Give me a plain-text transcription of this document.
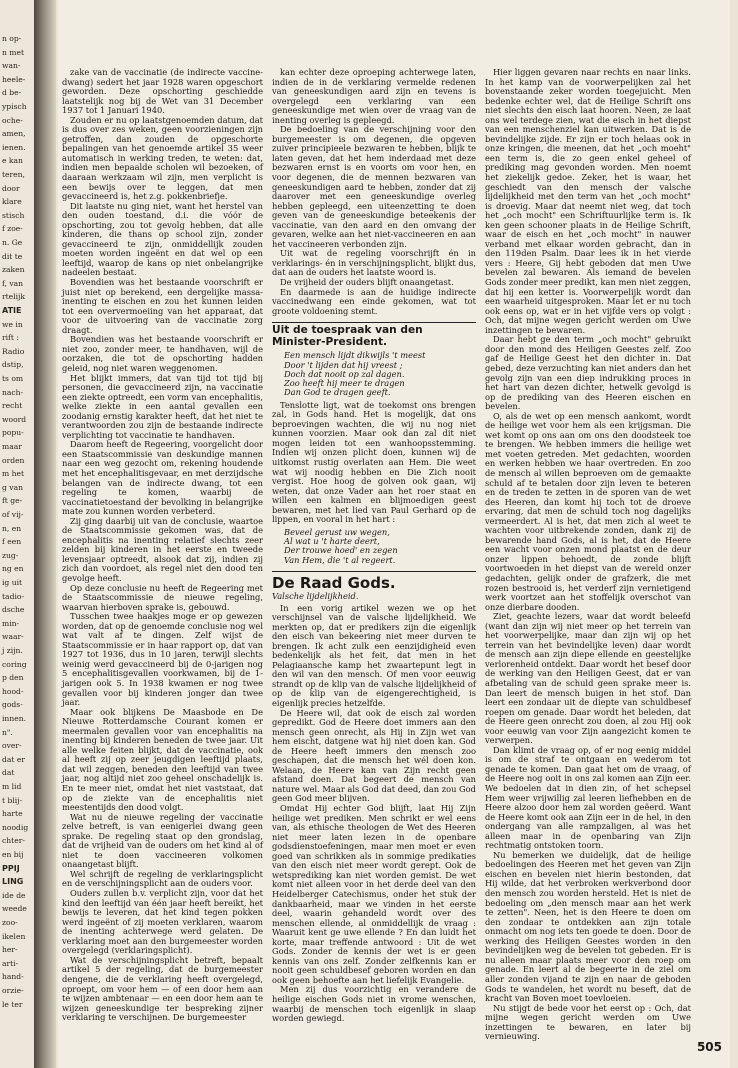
n op-
n met
wan-
heele-
d be-
ypisch
oche-
amen,
ienen.
e kan
teren,
door
klare
stisch
f zoe-
n. Ge
dit te
zaken
f, van
rtelijk
ATIE
we in
rift :
Radio
dstip,
ts om
nach-
recht
woord
popu-
maar
orden
m het
g van
ft ge-
of vij-
n, en
f een
zug-
ng en
ig uit
tadio-
dsche
min-
waar-
j zijn.
coring
p den
hood-
gods-
innen.
n".
over-
dat er
dat
m lid
t blij-
harte
noodig
chter-
en bij
PPIJ
LING
ide de
weede
zoo-
ikelen
her-
arti-
hand-
orzie-
le ter

zake van de vaccinatie (de indirecte vaccine-dwang) sedert het jaar 1928 waren opgeschort geworden. Deze opschorting geschiedde laatstelijk nog bij de Wet van 31 December 1937 tot 1 Januari 1940.

Zouden er nu op laatstgenoemden datum, dat is dus over zes weken, geen voorzieningen zijn getroffen, dan zouden de opgeschorte bepalingen van het genoemde artikel 35 weer automatisch in werking treden, te weten: dat, indien men bepaalde scholen wil bezoeken, of daaraan werkzaam wil zijn, men verplicht is een bewijs over te leggen, dat men gevaccineerd is, het z.g. pokkenbriefje.

Dit laatste nu ging niet, want het herstel van den ouden toestand, d.i. die vóór de opschorting, zou tot gevolg hebben, dat alle kinderen, die thans op school zijn, zonder gevaccineerd te zijn, onmiddellijk zouden moeten worden ingeënt en dat wel op een leeftijd, waarop de kans op niet onbelangrijke nadeelen bestaat.

Bovendien was het bestaande voorschrift er juist niet op berekend, een dergelijke massa-inenting te eischen en zou het kunnen leiden tot een oververmoeiing van het apparaat, dat voor de uitvoering van de vaccinatie zorg draagt.

Bovendien was het bestaande voorschrift er niet zoo, zonder meer, te handhaven, wijl de oorzaken, die tot de opschorting hadden geleid, nog niet waren weggenomen.

Het blijkt immers, dat van tijd tot tijd bij personen, die gevaccineerd zijn, na vaccinatie een ziekte optreedt, een vorm van encephalitis, welke ziekte in een aantal gevallen een zoodanig ernstig karakter heeft, dat het niet te verantwoorden zou zijn de bestaande indirecte verplichting tot vaccinatie te handhaven.

Daarom heeft de Regeering, voorgelicht door een Staatscommissie van deskundige mannen naar een weg gezocht om, rekening houdende met het encephalitisgevaar, en met derzijdsche belangen van de indirecte dwang, tot een regeling te komen, waarbij de vaccinatietoestand der bevolking in belangrijke mate zou kunnen worden verbeterd.

Zij ging daarbij uit van de conclusie, waartoe de Staatscommissie gekomen was, dat de encephalitis na inenting relatief slechts zeer zelden bij kinderen in het eerste en tweede levensjaar optreedt, alsook dat zij, indien zij zich dan voordoet, als regel niet den dood ten gevolge heeft.

Op deze conclusie nu heeft de Regeering met de Staatscommissie de nieuwe regeling, waarvan hierboven sprake is, gebouwd.

Tusschen twee haakjes moge er op gewezen worden, dat op de genoemde conclusie nog wel wat valt af te dingen. Zelf wijst de Staatscommissie er in haar rapport op, dat van 1927 tot 1936, dus in 10 jaren, terwijl slechts weinig werd gevaccineerd bij de 0-jarigen nog 5 encephalitisgevallen voorkwamen, bij de 1-jarigen ook 5. In 1938 kwamen er nog twee gevallen voor bij kinderen jonger dan twee jaar.

Maar ook blijkens De Maasbode en De Nieuwe Rotterdamsche Courant komen er meermalen gevallen voor van encephalitis na inenting bij kinderen beneden de twee jaar. Uit alle welke feiten blijkt, dat de vaccinatie, ook al heeft zij op zeer jeugdigen leeftijd plaats, dat wil zeggen, beneden den leeftijd van twee jaar, nog altijd niet zoo geheel onschadelijk is. En te meer niet, omdat het niet vaststaat, dat op de ziekte van de encephalitis niet meestentijds den dood volgt.

Wat nu de nieuwe regeling der vaccinatie zelve betreft, is van eenigerlei dwang geen sprake. De regeling staat op den grondslag, dat de vrijheid van de ouders om het kind al of niet te doen vaccineeren volkomen onaangetast blijft.

Wel schrijft de regeling de verklaringsplicht en de verschijningsplicht aan de ouders voor.

Ouders zullen b.v. verplicht zijn, voor dat het kind den leeftijd van één jaar heeft bereikt, het bewijs te leveren, dat het kind tegen pokken werd ingeënt of zij moeten verklaren, waarom de inenting achterwege werd gelaten. De verklaring moet aan den burgemeester worden overgelegd (verklaringsplicht).

Wat de verschijningsplicht betreft, bepaalt artikel 5 der regeling, dat de burgemeester dengene, die de verklaring heeft overgelegd, oproept, om voor hem — of een door hem aan te wijzen ambtenaar — en een door hem aan te wijzen geneeskundige ter bespreking zijner verklaring te verschijnen. De burgemeester

kan echter deze oproeping achterwege laten, indien de in de verklaring vermelde redenen van geneeskundigen aard zijn en tevens is overgelegd een verklaring van een geneeskundige met wien over de vraag van de inenting overleg is gepleegd.

De bedoeling van de verschijning voor den burgemeester is om degenen, die opgeven zuiver principieele bezwaren te hebben, blijk te laten geven, dat het hem inderdaad met deze bezwaren ernst is en voorts om voor hen, en voor degenen, die de mennen bezwaren van geneeskundigen aard te hebben, zonder dat zij daarover met een geneeskundige overleg hebben gepleegd, een uiteenzetting te doen geven van de geneeskundige beteekenis der vaccinatie, van den aard en den omvang der gevaren, welke aan het niet-vaccineeren en aan het vaccineeren verbonden zijn.

Uit wat de regeling voorschrijft én in verklarings- én in verschijningsplicht, blijkt dus, dat aan de ouders het laatste woord is.

De vrijheid der ouders blijft onaangetast.

En daarmede is aan de huidige indirecte vaccinedwang een einde gekomen, wat tot groote voldoening stemt.

Uit de toespraak van den Minister-President.

Een mensch lijdt dikwijls 't meest
Door 't lijden dat hij vreest ;
Doch dat nooit op zal dagen.
Zoo heeft hij meer te dragen
Dan God te dragen geeft.

Tenslotte ligt, wat de toekomst ons brengen zal, in Gods hand. Het is mogelijk, dat ons beproevingen wachten, die wij nu nog niet kunnen voorzien. Maar ook dan zal dit niet mogen leiden tot een wanhoopsstemming. Indien wij onzen plicht doen, kunnen wij de uitkomst rustig overlaten aan Hem. Die weet wat wij noodig hebben en Die Zich nooit vergist. Hoe hoog de golven ook gaan, wij weten, dat onze Vader aan het roer staat en willen een kalmen en blijmoedigen geest bewaren, met het lied van Paul Gerhard op de lippen, en vooral in het hart :

Beveel gerust uw wegen,
Al wat u 't harte deert,
Der trouwe hoed' en zegen
Van Hem, die 't al regeert.

De Raad Gods.

Valsche lijdelijkheid.

In een vorig artikel wezen we op het verschijnsel van de valsche lijdelijkheid. We merkten op, dat er predikers zijn die eigenlijk den eisch van bekeering niet meer durven te brengen. Ik acht zulk een eenzijdigheid even bedenkelijk als het feit, dat men in het Pelagiaansche kamp het zwaartepunt legt in den wil van den mensch. Of men voor eeuwig strandt op de klip van de valsche lijdelijkheid of op de klip van de eigengerechtigheid, is eigenlijk precies hetzelfde.

De Heere wil, dat ook de eisch zal worden gepredikt. God de Heere doet immers aan den mensch geen onrecht, als Hij in Zijn wet van hem eischt, datgene wat hij niet doen kan. God de Heere heeft immers den mensch zoo geschapen, dat die mensch het wél doen kon. Welaan, de Heere kan van Zijn recht geen afstand doen. Dat begeert de mensch van nature wel. Maar als God dat deed, dan zou God geen God meer blijven.

Omdat Hij echter God blijft, laat Hij Zijn heilige wet prediken. Men schrikt er wel eens van, als ethische theologen de Wet des Heeren niet meer laten lezen in de openbare godsdienstoefeningen, maar men moet er even goed van schrikken als in sommige predikaties van den eisch niet meer wordt gerept. Ook de wetsprediking kan niet worden gemist. De wet komt niet alleen voor in het derde deel van den Heidelberger Catechismus, onder het stuk der dankbaarheid, maar we vinden in het eerste deel, waarin gehandeld wordt over des menschen ellende, al onmiddellijk de vraag : Waaruit kent ge uwe ellende ? En dan luidt het korte, maar treffende antwoord : Uit de wet Gods. Zonder de kennis der wet is er geen kennis van ons zelf. Zonder zelfkennis kan er nooit geen schuldbesef geboren worden en dan ook geen behoefte aan het liefelijk Evangelie.

Men zij dus voorzichtig en verandere de heilige eischen Gods niet in vrome wenschen, waarbij de menschen toch eigenlijk in slaap worden gewiegd.

Hier liggen gevaren naar rechts en naar links. In het kamp van de voorwerpelijken zal het bovenstaande zeker worden toegejuicht. Men bedenke echter wel, dat de Heilige Schrift ons niet slechts den eisch laat hooren. Neen, ze laat ons wel terdege zien, wat die eisch in het diepst van een menschenziel kan uitwerken. Dat is de bevindelijke zijde. Er zijn er toch helaas ook in onze kringen, die meenen, dat het „och moeht" een term is, die zo geen enkel geheel of prediking mag gevonden worden. Men noemt het ziekelijk gedoe. Zeker, het is waar, het geschiedt van den mensch der valsche lijdelijkheid met den term van het „och mocht" is droevig. Maar dat neemt niet weg, dat toch het „och mocht" een Schriftuurlijke term is. Ik ken geen schooner plaats in de Heilige Schrift, waar de eisch en het „och mocht" in nauwer verband met elkaar worden gebracht, dan in den 119den Psalm. Daar lees ik in het vierde vers : Heere, Gij hebt geboden dat men Uwe bevelen zal bewaren. Als iemand de bevelen Gods zonder meer predikt, kan men niet zeggen, dat hij een ketter is. Voorwerpelijk wordt dan een waarheid uitgesproken. Maar let er nu toch ook eens op, wat er in het vijfde vers op volgt : Och, dat mijne wegen gericht werden om Uwe inzettingen te bewaren.

Daar hebt ge den term „och mocht" gebruikt door den mond des Heiligen Geestes zelf. Zoo gaf de Heilige Geest het den dichter in. Dat gebed, deze verzuchting kan niet anders dan het gevolg zijn van een diep indrukking proces in het hart van dezen dichter, hetwelk gevolgd is op de prediking van des Heeren eischen en bevelen.

O, als de wet op een mensch aankomt, wordt de heilige wet voor hem als een krijgsman. Die wet komt op ons aan om ons den doodsteek toe te brengen. We hebben immers die heilige wet met voeten getreden. Met gedachten, woorden en werken hebben we haar overtreden. En zoo de mensch al willen beproeven om de gemaakte schuld af te betalen door zijn leven te beteren en de treden te zetten in de sporen van de wet des Heeren, dan komt hij toch tot de droeve ervaring, dat men de schuld toch nog dagelijks vermeerdert. Al is het, dat men zich al weet te wachten voor uitbrekende zonden, dank zij de bewarende hand Gods, al is het, dat de Heere een wacht voor onzen mond plaatst en de deur onzer lippen behoedt, de zonde blijft voortwoeden in het diepst van de wereld onzer gedachten, gelijk onder de grafzerk, die met rozen bestrooid is, het verderf zijn vernietigend werk voortzet aan het stoffelijk overschot van onze dierbare dooden.

Ziet, geachte lezers, waar dat wordt beleefd (want dan zijn wij niet meer op het terrein van het voorwerpelijke, maar dan zijn wij op het terrein van het bevindelijke leven) daar wordt de mensch aan zijn diepe ellende en geestelijke verlorenheid ontdekt. Daar wordt het besef door de werking van den Heiligen Geest, dat er van afbetaling van de schuld geen sprake meer is. Dan leert de mensch buigen in het stof. Dan leert een zondaar uit de diepte van schuldbesef roepen om genade. Daar wordt het beleden, dat de Heere geen onrecht zou doen, al zou Hij ook voor eeuwig van voor Zijn aangezicht komen te verwerpen.

Dan klimt de vraag op, of er nog eenig middel is om de straf te ontgaan en wederom tot genade te komen. Dan gaat het om de vraag, of de Heere nog ooit in ons zal komen aan Zijn eer. We bedoelen dat in dien zin, of het schepsel Hem weer vrijwillig zal leeren liefhebben en de Heere alzoo door hem zal worden geëerd. Want de Heere komt ook aan Zijn eer in de hel, in den ondergang van alle rampzaligen, al was het alleen maar in de openbaring van Zijn rechtmatig ontstoken toorn.

Nu bemerken we duidelijk, dat de heilige bedoelingen des Heeren met het geven van Zijn eischen en bevelen niet hierin bestonden, dat Hij wilde, dat het verbroken werkverbond door den mensch zou worden hersteld. Het is niet de bedoeling om „den mensch maar aan het werk te zetten". Neen, het is den Heere te doen om den zondaar te ontdekken aan zijn totale onmacht om nog iets ten goede te doen. Door de werking des Heiligen Geestes worden in den bevindelijken weg de bevelen tot gebeden. Er is nu alleen maar plaats meer voor den roep om genade. En leert al de begeerte in de ziel om aller zonden vijand te zijn en naar de geboden Gods te wandelen, het wordt nu beseft, dat de kracht van Boven moet toevloeien.

Nu stijgt de bede voor het eerst op : Och, dat mijne wegen gericht werden om Uwe inzettingen te bewaren, en later bij vernieuwing.

505
